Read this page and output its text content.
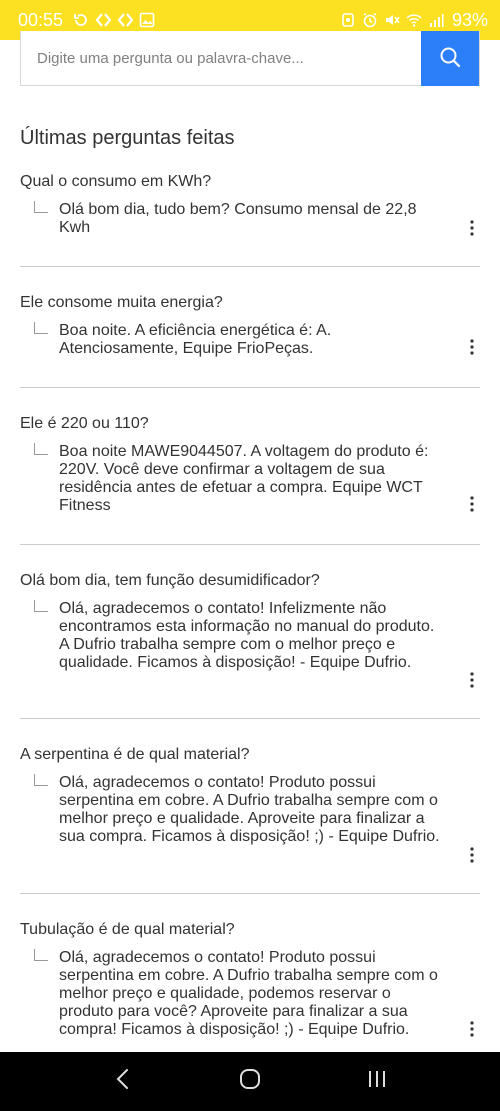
00:55	93%
Digite uma pergunta ou palavra-chave...
Últimas perguntas feitas
Qual o consumo em KWh?
Olá bom dia, tudo bem? Consumo mensal de 22,8 Kwh
Ele consome muita energia?
Boa noite. A eficiência energética é: A. Atenciosamente, Equipe FrioPeças.
Ele é 220 ou 110?
Boa noite MAWE9044507. A voltagem do produto é: 220V. Você deve confirmar a voltagem de sua residência antes de efetuar a compra. Equipe WCT Fitness
Olá bom dia, tem função desumidificador?
Olá, agradecemos o contato! Infelizmente não encontramos esta informação no manual do produto. A Dufrio trabalha sempre com o melhor preço e qualidade. Ficamos à disposição! - Equipe Dufrio.
A serpentina é de qual material?
Olá, agradecemos o contato! Produto possui serpentina em cobre. A Dufrio trabalha sempre com o melhor preço e qualidade. Aproveite para finalizar a sua compra. Ficamos à disposição! ;) - Equipe Dufrio.
Tubulação é de qual material?
Olá, agradecemos o contato! Produto possui serpentina em cobre. A Dufrio trabalha sempre com o melhor preço e qualidade, podemos reservar o produto para você? Aproveite para finalizar a sua compra! Ficamos à disposição! ;) - Equipe Dufrio.
